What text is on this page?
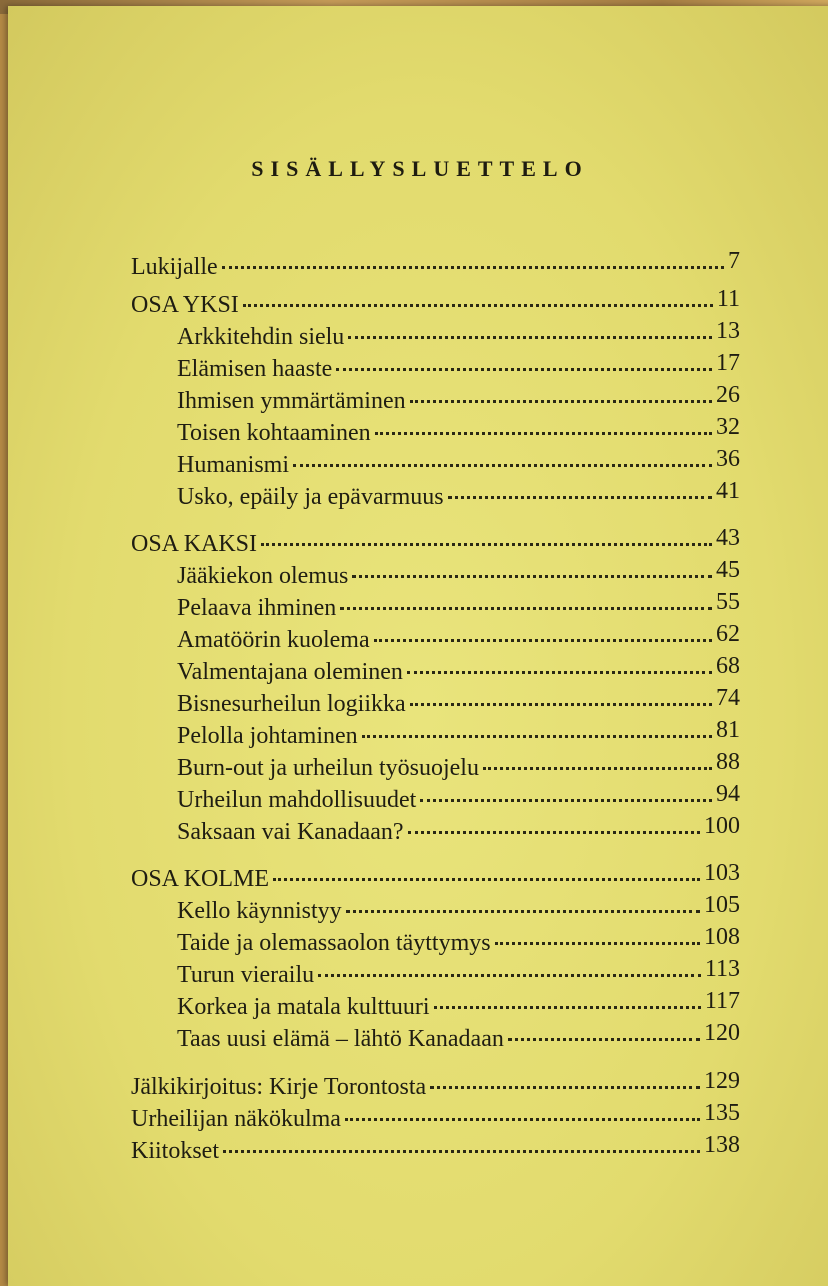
SISÄLLYSLUETTELO
Lukijalle	7
OSA YKSI	11
Arkkitehdin sielu	13
Elämisen haaste	17
Ihmisen ymmärtäminen	26
Toisen kohtaaminen	32
Humanismi	36
Usko, epäily ja epävarmuus	41
OSA KAKSI	43
Jääkiekon olemus	45
Pelaava ihminen	55
Amatöörin kuolema	62
Valmentajana oleminen	68
Bisnesurheilun logiikka	74
Pelolla johtaminen	81
Burn-out ja urheilun työsuojelu	88
Urheilun mahdollisuudet	94
Saksaan vai Kanadaan?	100
OSA KOLME	103
Kello käynnistyy	105
Taide ja olemassaolon täyttymys	108
Turun vierailu	113
Korkea ja matala kulttuuri	117
Taas uusi elämä – lähtö Kanadaan	120
Jälkikirjoitus: Kirje Torontosta	129
Urheilijan näkökulma	135
Kiitokset	138
